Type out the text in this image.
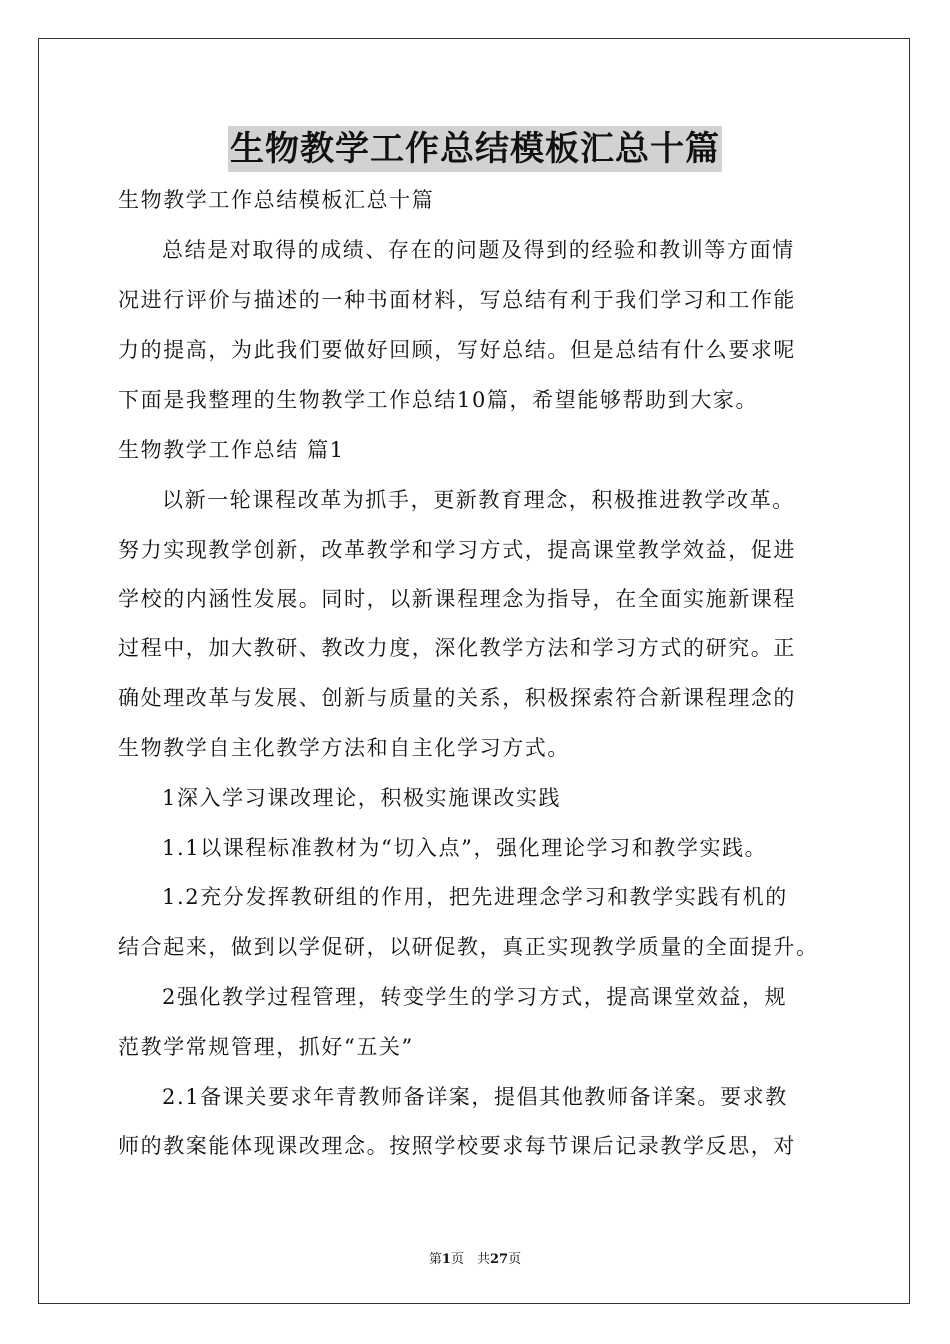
生物教学工作总结模板汇总十篇
生物教学工作总结模板汇总十篇
总结是对取得的成绩、存在的问题及得到的经验和教训等方面情
况进行评价与描述的一种书面材料，写总结有利于我们学习和工作能
力的提高，为此我们要做好回顾，写好总结。但是总结有什么要求呢
下面是我整理的生物教学工作总结10篇，希望能够帮助到大家。
生物教学工作总结 篇1
以新一轮课程改革为抓手，更新教育理念，积极推进教学改革。
努力实现教学创新，改革教学和学习方式，提高课堂教学效益，促进
学校的内涵性发展。同时，以新课程理念为指导，在全面实施新课程
过程中，加大教研、教改力度，深化教学方法和学习方式的研究。正
确处理改革与发展、创新与质量的关系，积极探索符合新课程理念的
生物教学自主化教学方法和自主化学习方式。
1深入学习课改理论，积极实施课改实践
1.1以课程标准教材为“切入点”，强化理论学习和教学实践。
1.2充分发挥教研组的作用，把先进理念学习和教学实践有机的
结合起来，做到以学促研，以研促教，真正实现教学质量的全面提升。
2强化教学过程管理，转变学生的学习方式，提高课堂效益，规
范教学常规管理，抓好“五关”
2.1备课关要求年青教师备详案，提倡其他教师备详案。要求教
师的教案能体现课改理念。按照学校要求每节课后记录教学反思，对
第1页　共27页
